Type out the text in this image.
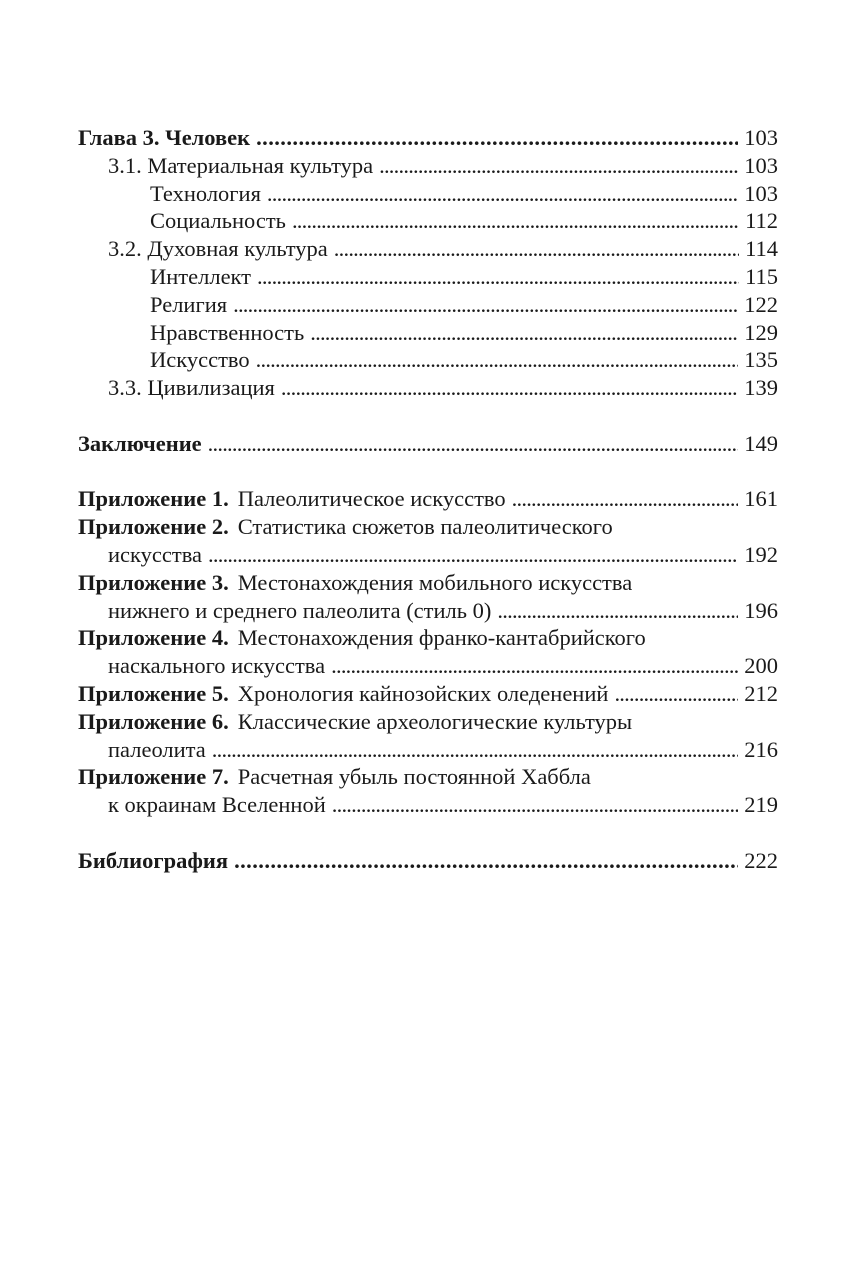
Глава 3. Человек . . .	103
3.1. Материальная культура . . .	103
Технология . . .	103
Социальность . . .	112
3.2. Духовная культура . . .	114
Интеллект . . .	115
Религия . . .	122
Нравственность . . .	129
Искусство . . .	135
3.3. Цивилизация . . .	139
Заключение . . .	149
Приложение 1. Палеолитическое искусство . . .	161
Приложение 2. Статистика сюжетов палеолитического
искусства . . .	192
Приложение 3. Местонахождения мобильного искусства
нижнего и среднего палеолита (стиль 0) . . .	196
Приложение 4. Местонахождения франко-кантабрийского
наскального искусства . . .	200
Приложение 5. Хронология кайнозойских оледенений . . .	212
Приложение 6. Классические археологические культуры
палеолита . . .	216
Приложение 7. Расчетная убыль постоянной Хаббла
к окраинам Вселенной . . .	219
Библиография . . .	222
